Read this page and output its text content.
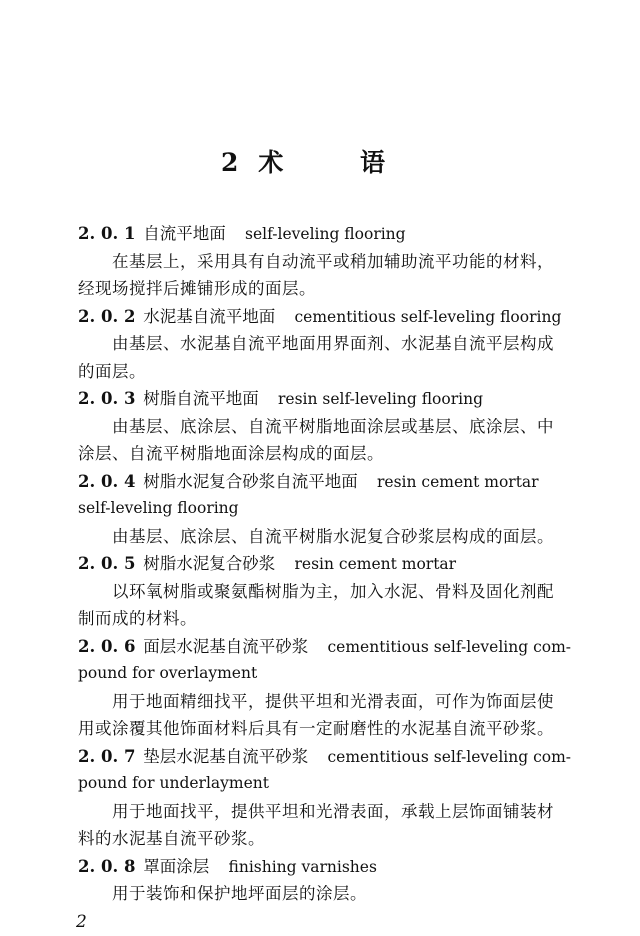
2 术 语
2. 0. 1 自流平地面 self-leveling flooring
在基层上，采用具有自动流平或稍加辅助流平功能的材料，
经现场搅拌后摊铺形成的面层。
2. 0. 2 水泥基自流平地面 cementitious self-leveling flooring
由基层、水泥基自流平地面用界面剂、水泥基自流平层构成
的面层。
2. 0. 3 树脂自流平地面 resin self-leveling flooring
由基层、底涂层、自流平树脂地面涂层或基层、底涂层、中
涂层、自流平树脂地面涂层构成的面层。
2. 0. 4 树脂水泥复合砂浆自流平地面 resin cement mortar
self-leveling flooring
由基层、底涂层、自流平树脂水泥复合砂浆层构成的面层。
2. 0. 5 树脂水泥复合砂浆 resin cement mortar
以环氧树脂或聚氨酯树脂为主，加入水泥、骨料及固化剂配
制而成的材料。
2. 0. 6 面层水泥基自流平砂浆 cementitious self-leveling com-
pound for overlayment
用于地面精细找平，提供平坦和光滑表面，可作为饰面层使
用或涂覆其他饰面材料后具有一定耐磨性的水泥基自流平砂浆。
2. 0. 7 垫层水泥基自流平砂浆 cementitious self-leveling com-
pound for underlayment
用于地面找平，提供平坦和光滑表面，承载上层饰面铺装材
料的水泥基自流平砂浆。
2. 0. 8 罩面涂层 finishing varnishes
用于装饰和保护地坪面层的涂层。
2
